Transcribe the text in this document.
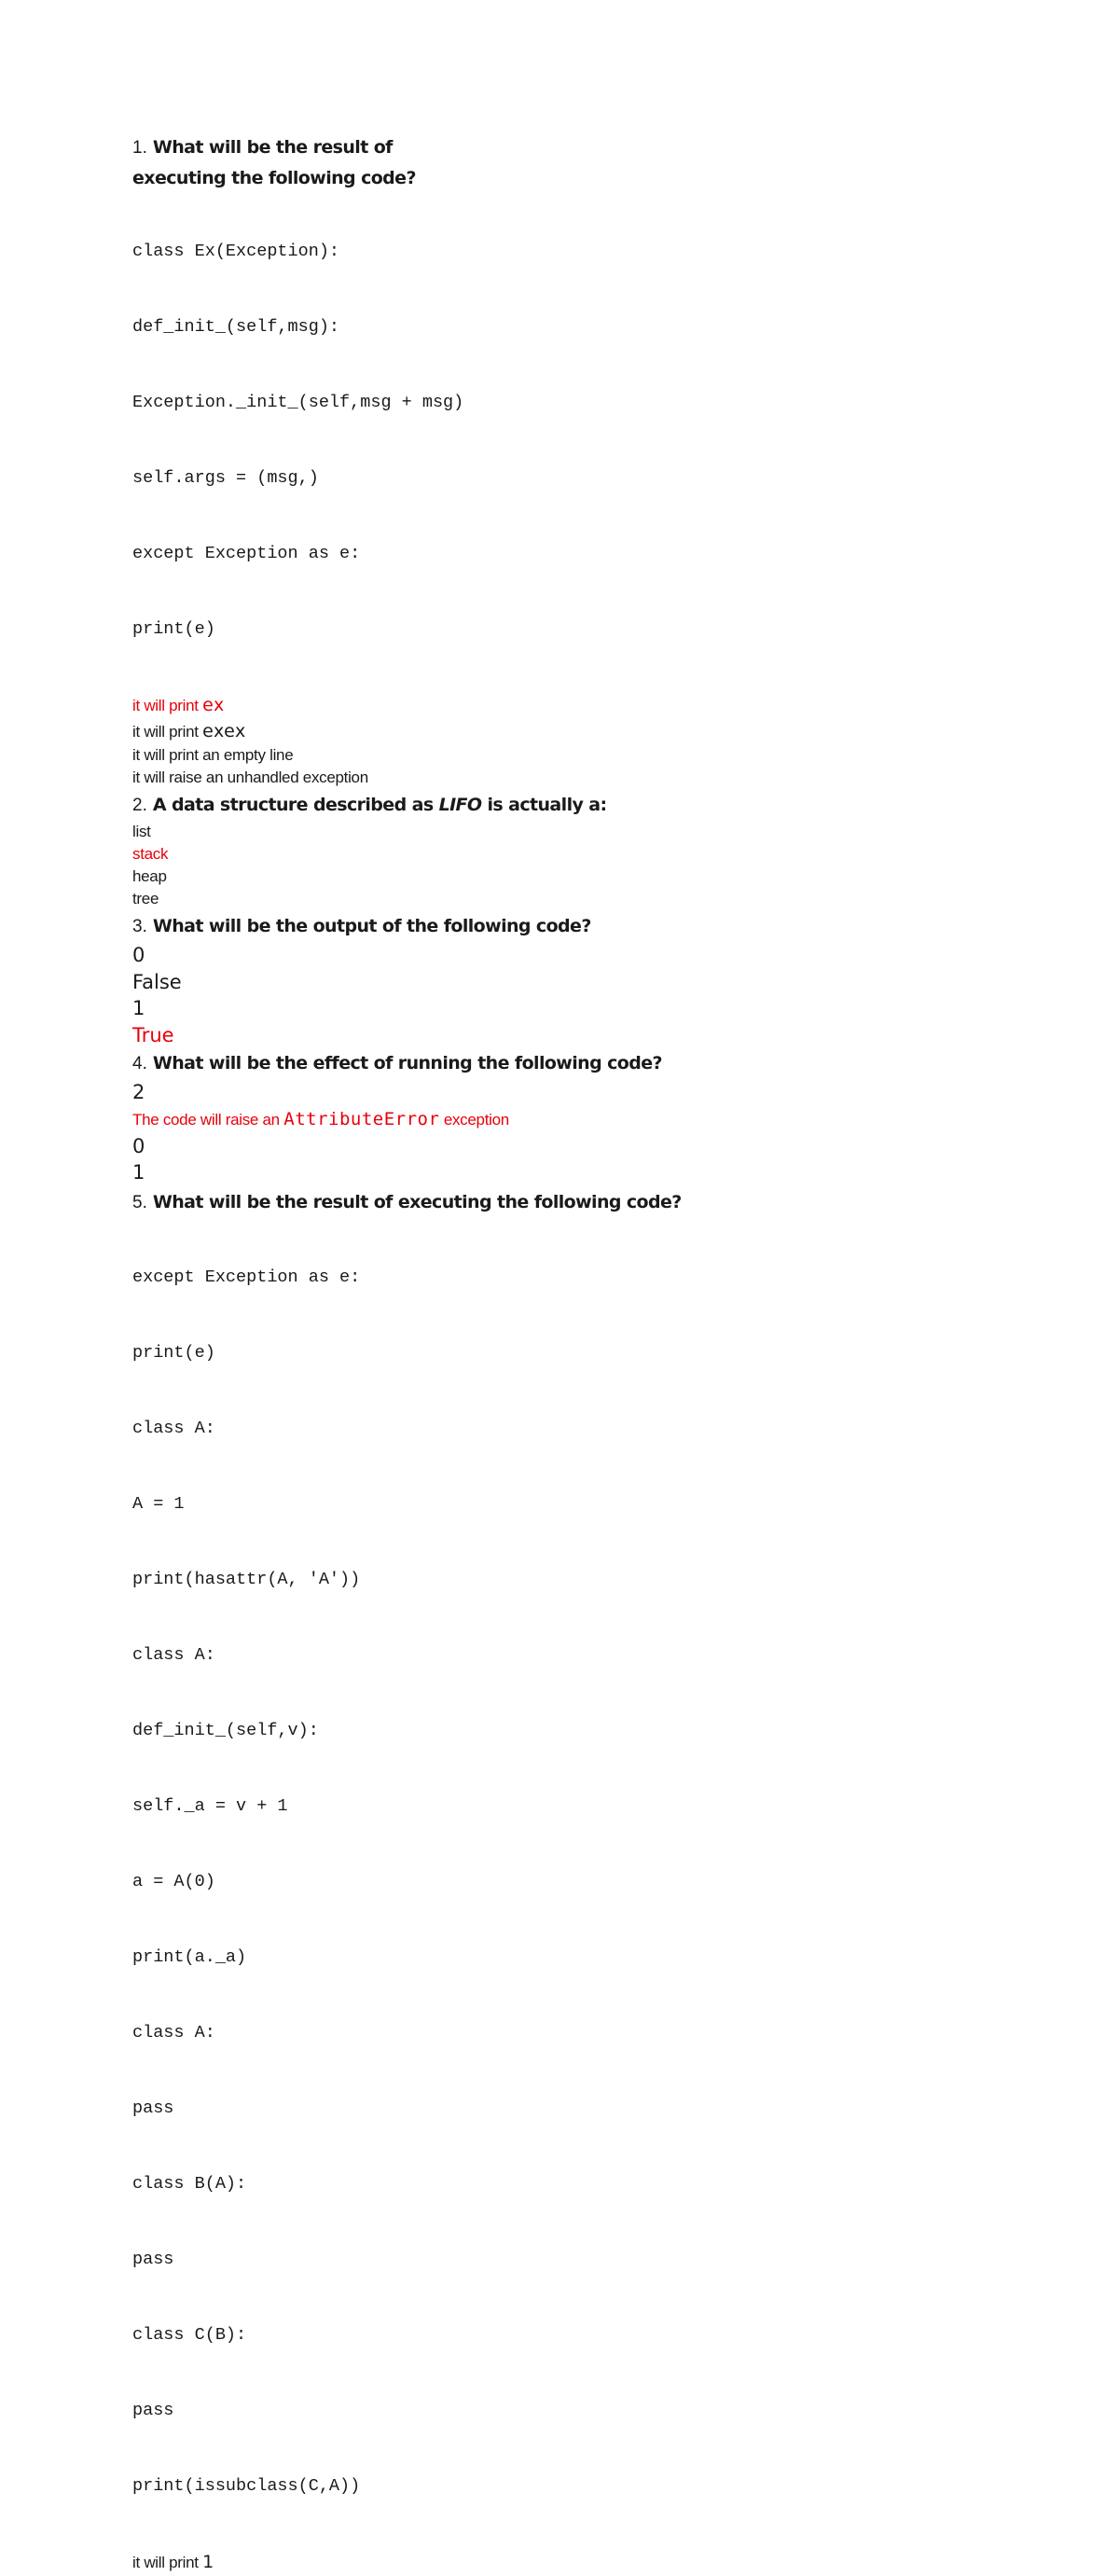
1. What will be the result of
executing the following code?

class Ex(Exception):

def_init_(self,msg):

Exception._init_(self,msg + msg)

self.args = (msg,)

except Exception as e:

print(e)

it will print ex
it will print exex
it will print an empty line
it will raise an unhandled exception
2. A data structure described as LIFO is actually a:
list
stack
heap
tree
3. What will be the output of the following code?
0
False
1
True
4. What will be the effect of running the following code?
2
The code will raise an AttributeError exception
0
1
5. What will be the result of executing the following code?

except Exception as e:

print(e)

class A:

A = 1

print(hasattr(A, 'A'))

class A:

def_init_(self,v):

self._a = v + 1

a = A(0)

print(a._a)

class A:

pass

class B(A):

pass

class C(B):

pass

print(issubclass(C,A))

it will print 1
